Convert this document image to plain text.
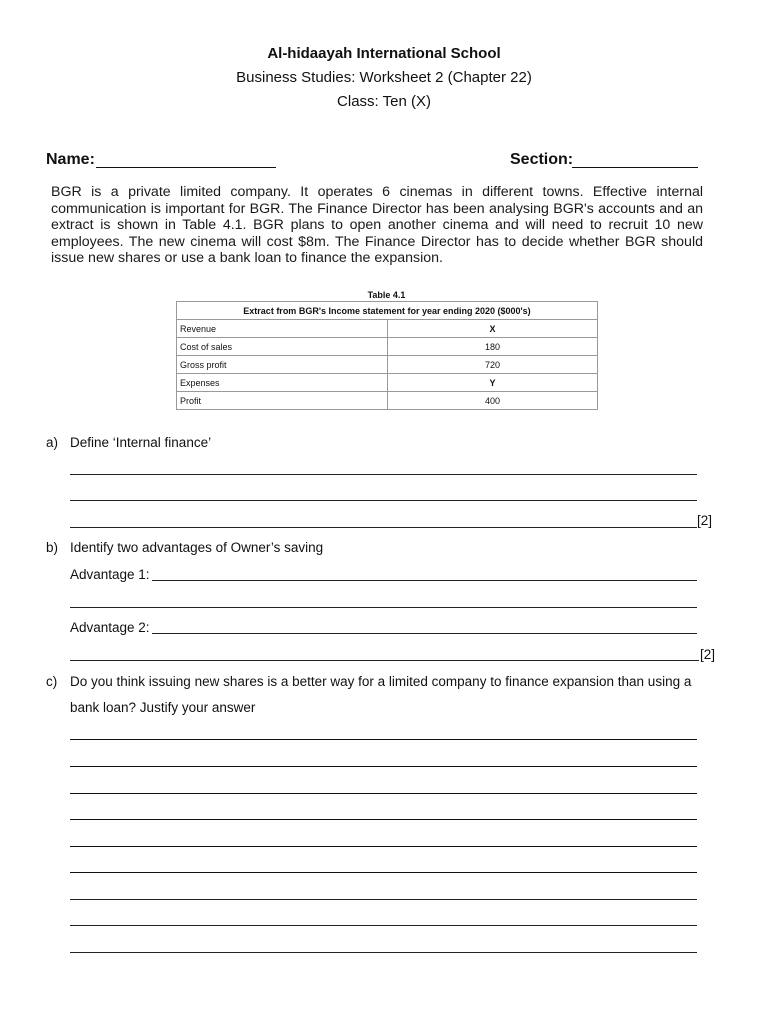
Al-hidaayah International School
Business Studies: Worksheet 2 (Chapter 22)
Class: Ten (X)
Name:	Section:
BGR is a private limited company. It operates 6 cinemas in different towns. Effective internal communication is important for BGR. The Finance Director has been analysing BGR's accounts and an extract is shown in Table 4.1. BGR plans to open another cinema and will need to recruit 10 new employees. The new cinema will cost $8m. The Finance Director has to decide whether BGR should issue new shares or use a bank loan to finance the expansion.
Table 4.1
Extract from BGR's Income statement for year ending 2020 ($000's)	
Revenue	X
Cost of sales	180
Gross profit	720
Expenses	Y
Profit	400
a) Define ‘Internal finance’
[2]
b) Identify two advantages of Owner’s saving
Advantage 1:
Advantage 2:
[2]
c) Do you think issuing new shares is a better way for a limited company to finance expansion than using a
bank loan? Justify your answer
